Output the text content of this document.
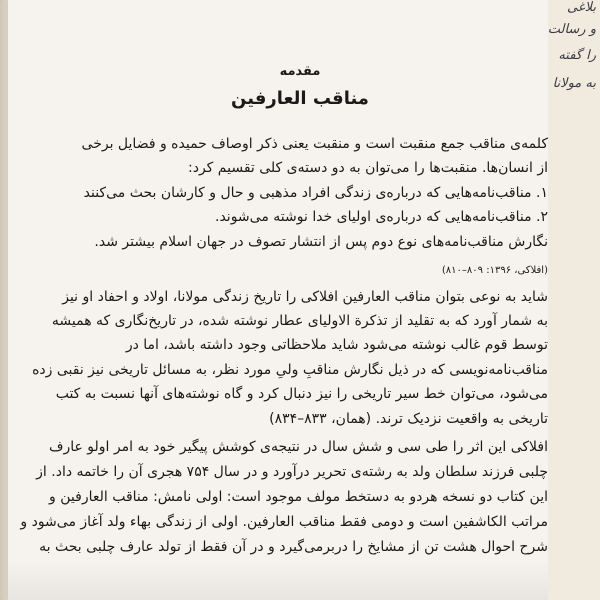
بلاغی
و رسالت
را گفته
به مولانا
مقدمه
مناقب العارفین
کلمه‌ی مناقب جمع منقبت است و منقبت یعنی ذکر اوصاف حمیده و فضایل برخی
از انسان‌ها. منقبت‌ها را می‌توان به دو دسته‌ی کلی تقسیم کرد:
۱. مناقب‌نامه‌هایی که درباره‌ی زندگی افراد مذهبی و حال و کارشان بحث می‌کنند
۲. مناقب‌نامه‌هایی که درباره‌ی اولیای خدا نوشته می‌شوند.
نگارش مناقب‌نامه‌های نوع دوم پس از انتشار تصوف در جهان اسلام بیشتر شد.
(افلاکی، ۱۳۹۶: ۸۰۹–۸۱۰)
شاید به نوعی بتوان مناقب العارفین افلاکی را تاریخ زندگی مولانا، اولاد و احفاد او نیز
به شمار آورد که به تقلید از تذکرة الاولیای عطار نوشته شده، در تاریخ‌نگاری که همیشه
توسط قوم غالب نوشته می‌شود شاید ملاحظاتی وجود داشته باشد، اما در
مناقب‌نامه‌نویسی که در ذیل نگارش مناقبِ ولیِ مورد نظر، به مسائل تاریخی نیز نقبی زده
می‌شود، می‌توان خط سیر تاریخی را نیز دنبال کرد و گاه نوشته‌های آنها نسبت به کتب
تاریخی به واقعیت نزدیک ترند. (همان، ۸۳۳–۸۳۴)
افلاکی این اثر را طی سی و شش سال در نتیجه‌ی کوشش پیگیر خود به امر اولو عارف
چلبی فرزند سلطان ولد به رشته‌ی تحریر درآورد و در سال ۷۵۴ هجری آن را خاتمه داد. از
این کتاب دو نسخه هردو به دستخط مولف موجود است: اولی نامش: مناقب العارفین و
مراتب الکاشفین است و دومی فقط مناقب العارفین. اولی از زندگی بهاء ولد آغاز می‌شود و
شرح احوال هشت تن از مشایخ را دربرمی‌گیرد و در آن فقط از تولد عارف چلبی بحث به
